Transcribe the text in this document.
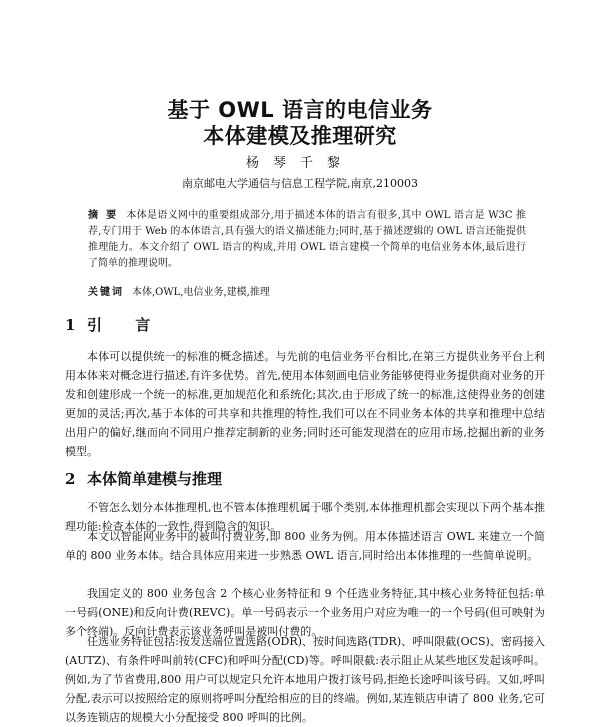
基于 OWL 语言的电信业务
本体建模及推理研究
杨琴千黎
南京邮电大学通信与信息工程学院,南京,210003
摘 要 本体是语义网中的重要组成部分,用于描述本体的语言有很多,其中 OWL 语言是 W3C 推荐,专门用于 Web 的本体语言,具有强大的语义描述能力;同时,基于描述逻辑的 OWL 语言还能提供推理能力。本文介绍了 OWL 语言的构成,并用 OWL 语言建模一个简单的电信业务本体,最后进行了简单的推理说明。
关键词 本体,OWL,电信业务,建模,推理
1 引 言

本体可以提供统一的标准的概念描述。与先前的电信业务平台相比,在第三方提供业务平台上利用本体来对概念进行描述,有许多优势。首先,使用本体刻画电信业务能够使得业务提供商对业务的开发和创建形成一个统一的标准,更加规范化和系统化;其次,由于形成了统一的标准,这使得业务的创建更加的灵活;再次,基于本体的可共享和共推理的特性,我们可以在不同业务本体的共享和推理中总结出用户的偏好,继而向不同用户推荐定制新的业务;同时还可能发现潜在的应用市场,挖掘出新的业务模型。

2 本体简单建模与推理

不管怎么划分本体推理机,也不管本体推理机属于哪个类别,本体推理机都会实现以下两个基本推理功能:检查本体的一致性,得到隐含的知识。

本文以智能网业务中的被叫付费业务,即 800 业务为例。用本体描述语言 OWL 来建立一个简单的 800 业务本体。结合具体应用来进一步熟悉 OWL 语言,同时给出本体推理的一些简单说明。

我国定义的 800 业务包含 2 个核心业务特征和 9 个任选业务特征,其中核心业务特征包括:单一号码(ONE)和反向计费(REVC)。单一号码表示一个业务用户对应为唯一的一个号码(但可映射为多个终端)。反向计费表示该业务呼叫是被叫付费的。

任选业务特征包括:按发送端位置选路(ODR)、按时间选路(TDR)、呼叫限截(OCS)、密码接入(AUTZ)、有条件呼叫前转(CFC)和呼叫分配(CD)等。呼叫限截:表示阻止从某些地区发起该呼叫。例如,为了节省费用,800 用户可以规定只允许本地用户拨打该号码,拒绝长途呼叫该号码。又如,呼叫分配,表示可以按照给定的原则将呼叫分配给相应的目的终端。例如,某连锁店申请了 800 业务,它可以务连锁店的规模大小分配接受 800 呼叫的比例。
